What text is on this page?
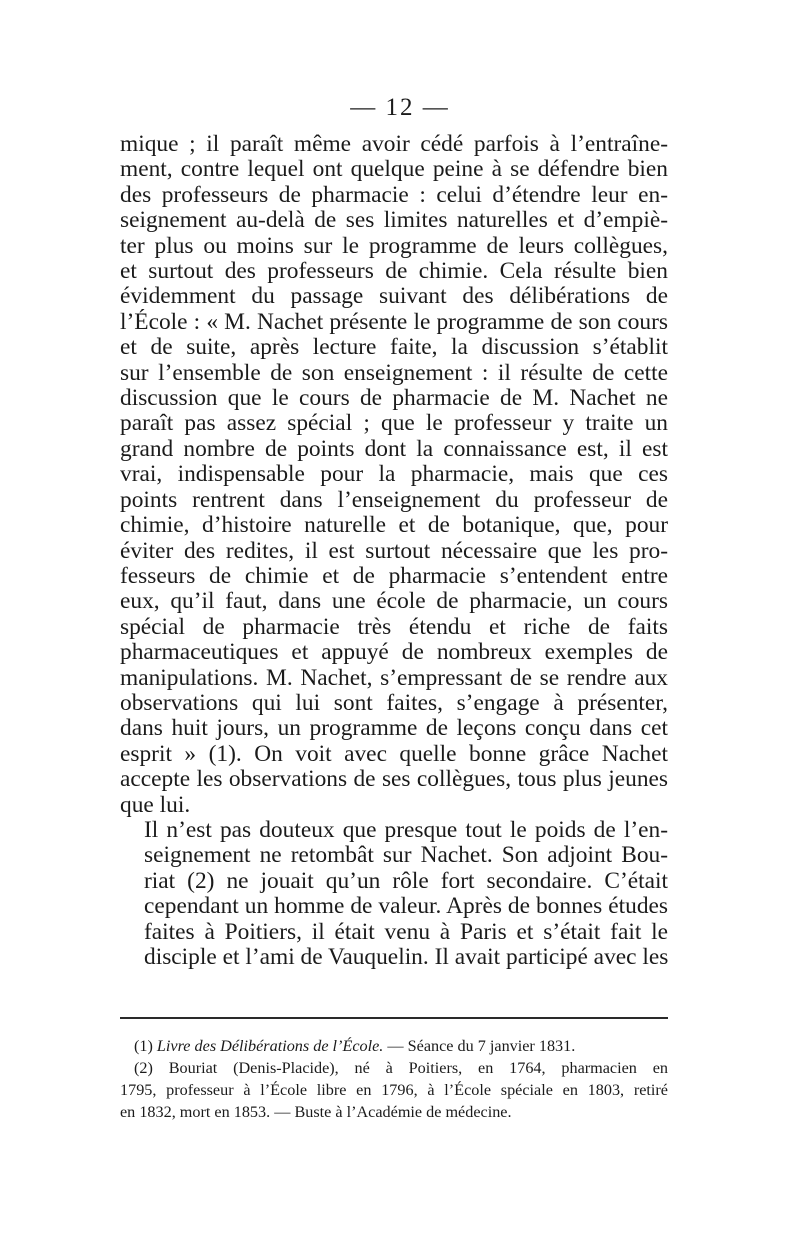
— 12 —

mique ; il paraît même avoir cédé parfois à l’entraîne-
ment, contre lequel ont quelque peine à se défendre bien
des professeurs de pharmacie : celui d’étendre leur en-
seignement au-delà de ses limites naturelles et d’empiè-
ter plus ou moins sur le programme de leurs collègues,
et surtout des professeurs de chimie. Cela résulte bien
évidemment du passage suivant des délibérations de
l’École : « M. Nachet présente le programme de son cours
et de suite, après lecture faite, la discussion s’établit
sur l’ensemble de son enseignement : il résulte de cette
discussion que le cours de pharmacie de M. Nachet ne
paraît pas assez spécial ; que le professeur y traite un
grand nombre de points dont la connaissance est, il est
vrai, indispensable pour la pharmacie, mais que ces
points rentrent dans l’enseignement du professeur de
chimie, d’histoire naturelle et de botanique, que, pour
éviter des redites, il est surtout nécessaire que les pro-
fesseurs de chimie et de pharmacie s’entendent entre
eux, qu’il faut, dans une école de pharmacie, un cours
spécial de pharmacie très étendu et riche de faits
pharmaceutiques et appuyé de nombreux exemples de
manipulations. M. Nachet, s’empressant de se rendre aux
observations qui lui sont faites, s’engage à présenter,
dans huit jours, un programme de leçons conçu dans cet
esprit » (1). On voit avec quelle bonne grâce Nachet
accepte les observations de ses collègues, tous plus jeunes
que lui.

Il n’est pas douteux que presque tout le poids de l’en-
seignement ne retombât sur Nachet. Son adjoint Bou-
riat (2) ne jouait qu’un rôle fort secondaire. C’était
cependant un homme de valeur. Après de bonnes études
faites à Poitiers, il était venu à Paris et s’était fait le
disciple et l’ami de Vauquelin. Il avait participé avec les

(1) Livre des Délibérations de l’École. — Séance du 7 janvier 1831.
(2) Bouriat (Denis-Placide), né à Poitiers, en 1764, pharmacien en
1795, professeur à l’École libre en 1796, à l’École spéciale en 1803, retiré
en 1832, mort en 1853. — Buste à l’Académie de médecine.
